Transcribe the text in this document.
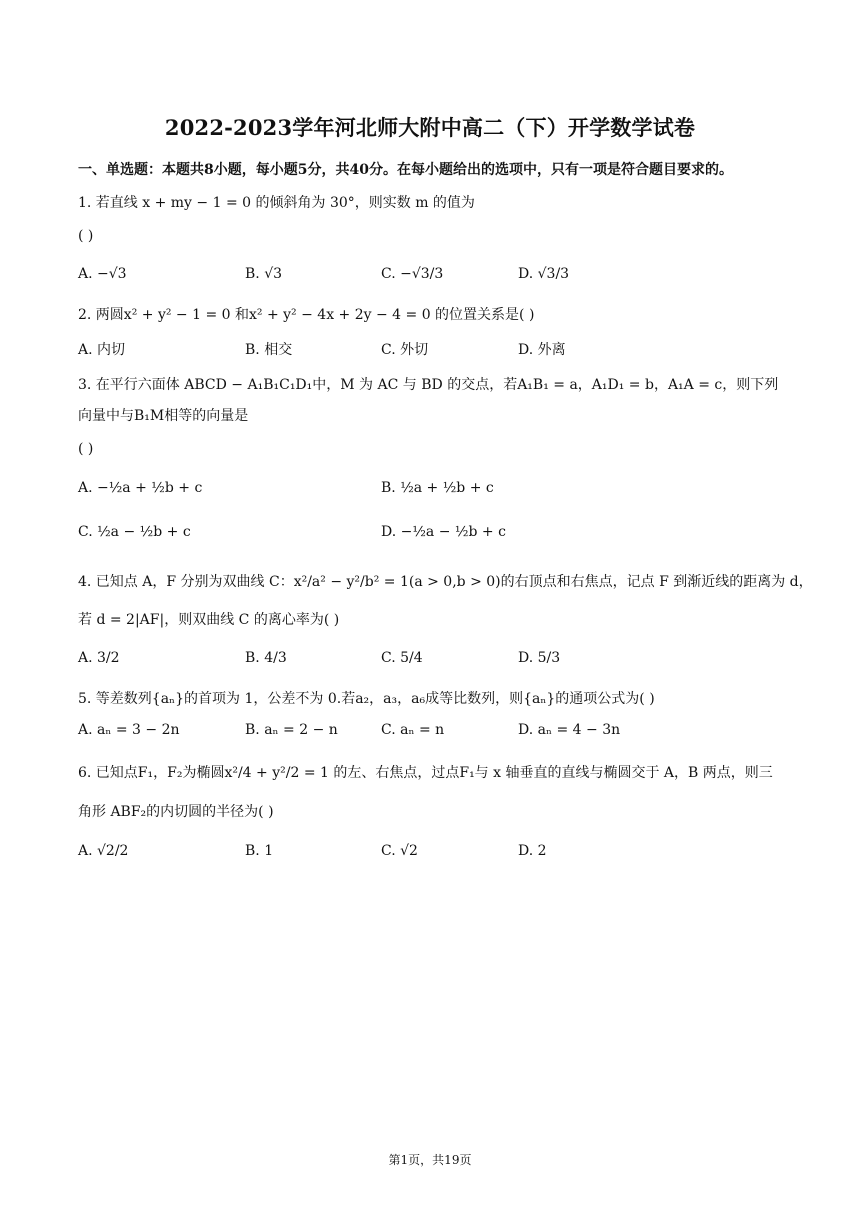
2022-2023学年河北师大附中高二（下）开学数学试卷
一、单选题：本题共8小题，每小题5分，共40分。在每小题给出的选项中，只有一项是符合题目要求的。
1. 若直线 x + my − 1 = 0 的倾斜角为 30°，则实数 m 的值为
( )
A. −√3	B. √3	C. −√3/3	D. √3/3
2. 两圆x² + y² − 1 = 0 和x² + y² − 4x + 2y − 4 = 0 的位置关系是( )
A. 内切	B. 相交	C. 外切	D. 外离
3. 在平行六面体 ABCD − A₁B₁C₁D₁中，M 为 AC 与 BD 的交点，若A₁B₁ = a，A₁D₁ = b，A₁A = c，则下列
向量中与B₁M相等的向量是
( )
A. −½a + ½b + c	B. ½a + ½b + c
C. ½a − ½b + c	D. −½a − ½b + c
4. 已知点 A，F 分别为双曲线 C：x²/a² − y²/b² = 1(a > 0,b > 0)的右顶点和右焦点，记点 F 到渐近线的距离为 d，
若 d = 2|AF|，则双曲线 C 的离心率为( )
A. 3/2	B. 4/3	C. 5/4	D. 5/3
5. 等差数列{aₙ}的首项为 1，公差不为 0.若a₂，a₃，a₆成等比数列，则{aₙ}的通项公式为( )
A. aₙ = 3 − 2n	B. aₙ = 2 − n	C. aₙ = n	D. aₙ = 4 − 3n
6. 已知点F₁，F₂为椭圆x²/4 + y²/2 = 1 的左、右焦点，过点F₁与 x 轴垂直的直线与椭圆交于 A，B 两点，则三
角形 ABF₂的内切圆的半径为( )
A. √2/2	B. 1	C. √2	D. 2
第1页，共19页
